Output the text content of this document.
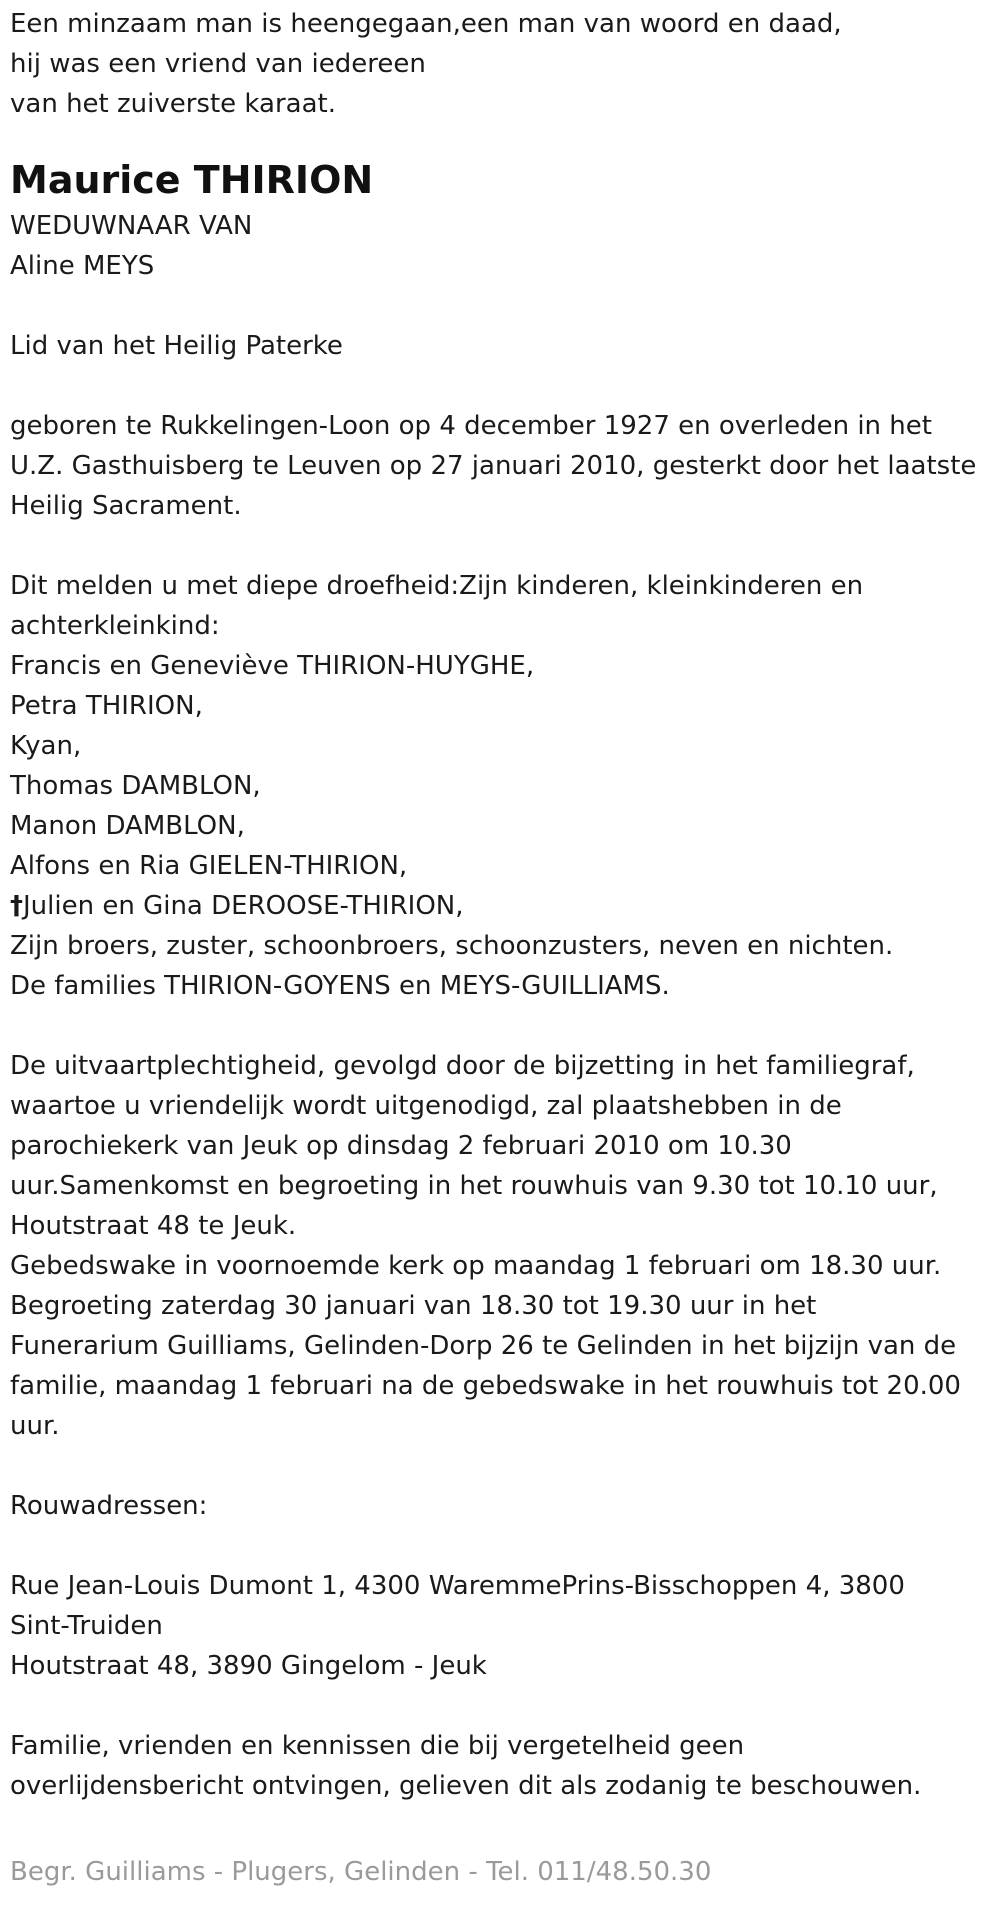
Een minzaam man is heengegaan,een man van woord en daad,
hij was een vriend van iedereen
van het zuiverste karaat.
Maurice THIRION
WEDUWNAAR VAN
Aline MEYS
Lid van het Heilig Paterke
geboren te Rukkelingen-Loon op 4 december 1927 en overleden in het
U.Z. Gasthuisberg te Leuven op 27 januari 2010, gesterkt door het laatste
Heilig Sacrament.
Dit melden u met diepe droefheid:Zijn kinderen, kleinkinderen en
achterkleinkind:
Francis en Geneviève THIRION-HUYGHE,
Petra THIRION,
Kyan,
Thomas DAMBLON,
Manon DAMBLON,
Alfons en Ria GIELEN-THIRION,
†Julien en Gina DEROOSE-THIRION,
Zijn broers, zuster, schoonbroers, schoonzusters, neven en nichten.
De families THIRION-GOYENS en MEYS-GUILLIAMS.
De uitvaartplechtigheid, gevolgd door de bijzetting in het familiegraf,
waartoe u vriendelijk wordt uitgenodigd, zal plaatshebben in de
parochiekerk van Jeuk op dinsdag 2 februari 2010 om 10.30
uur.Samenkomst en begroeting in het rouwhuis van 9.30 tot 10.10 uur,
Houtstraat 48 te Jeuk.
Gebedswake in voornoemde kerk op maandag 1 februari om 18.30 uur.
Begroeting zaterdag 30 januari van 18.30 tot 19.30 uur in het
Funerarium Guilliams, Gelinden-Dorp 26 te Gelinden in het bijzijn van de
familie, maandag 1 februari na de gebedswake in het rouwhuis tot 20.00
uur.
Rouwadressen:
Rue Jean-Louis Dumont 1, 4300 WaremmePrins-Bisschoppen 4, 3800
Sint-Truiden
Houtstraat 48, 3890 Gingelom - Jeuk
Familie, vrienden en kennissen die bij vergetelheid geen
overlijdensbericht ontvingen, gelieven dit als zodanig te beschouwen.
Begr. Guilliams - Plugers, Gelinden - Tel. 011/48.50.30
